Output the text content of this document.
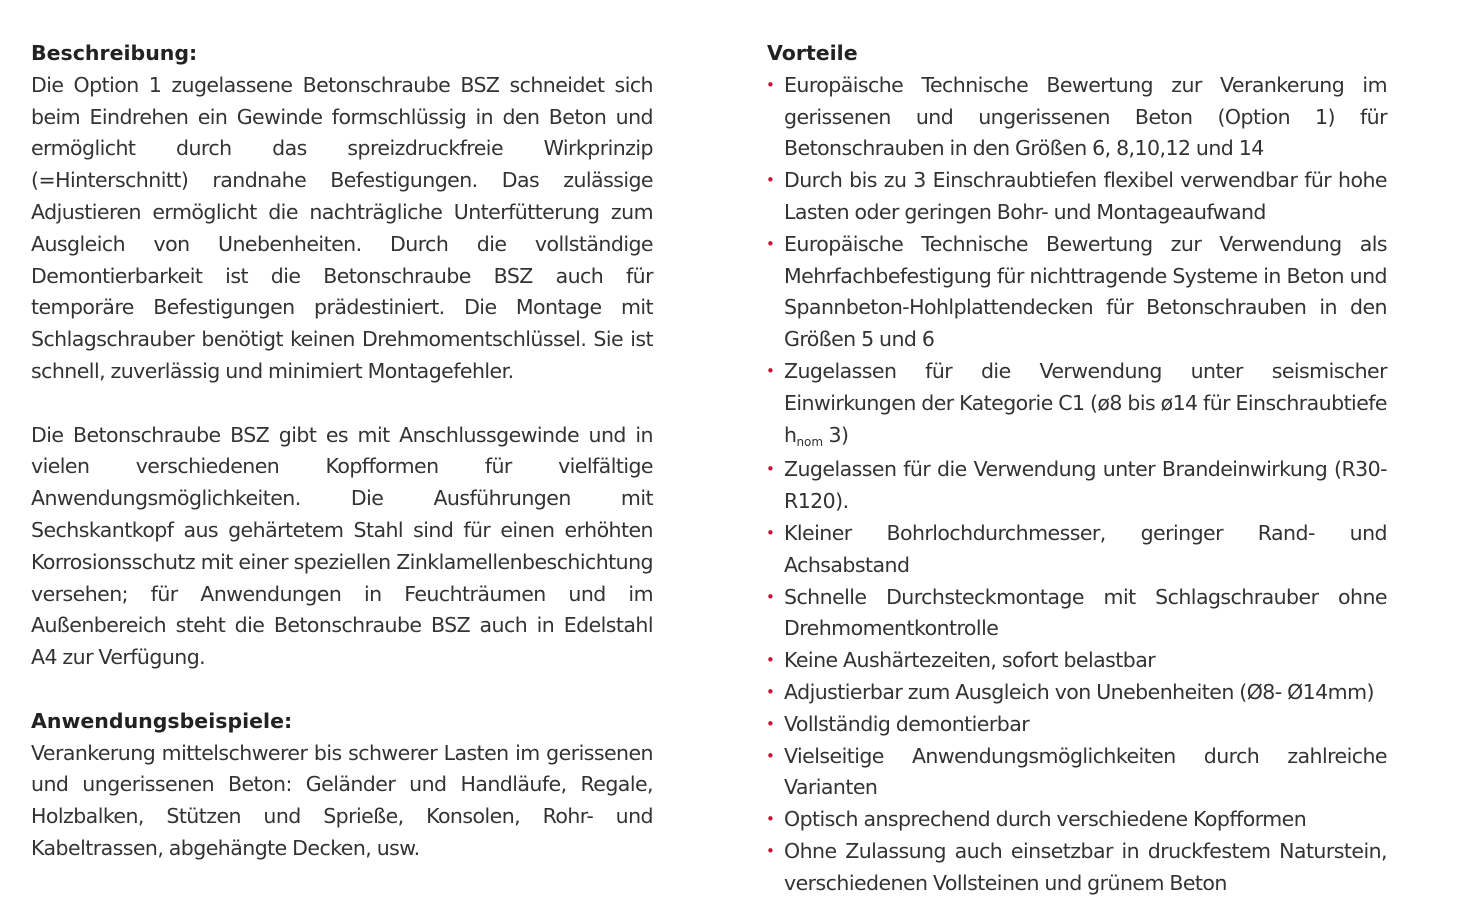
Beschreibung:

Die Option 1 zugelassene Betonschraube BSZ schneidet sich beim Eindrehen ein Gewinde formschlüssig in den Beton und ermöglicht durch das spreizdruckfreie Wirkprinzip (=Hinterschnitt) randnahe Befestigungen. Das zulässige Adjustieren ermöglicht die nachträgliche Unterfütterung zum Ausgleich von Unebenheiten. Durch die vollständige Demontierbarkeit ist die Betonschraube BSZ auch für temporäre Befestigungen prädestiniert. Die Montage mit Schlagschrauber benötigt keinen Drehmomentschlüssel. Sie ist schnell, zuverlässig und minimiert Montagefehler.

Die Betonschraube BSZ gibt es mit Anschlussgewinde und in vielen verschiedenen Kopfformen für vielfältige Anwendungsmöglichkeiten. Die Ausführungen mit Sechskantkopf aus gehärtetem Stahl sind für einen erhöhten Korrosionsschutz mit einer speziellen Zinklamellenbeschichtung versehen; für Anwendungen in Feuchträumen und im Außenbereich steht die Betonschraube BSZ auch in Edelstahl A4 zur Verfügung.

Anwendungsbeispiele:

Verankerung mittelschwerer bis schwerer Lasten im gerissenen und ungerissenen Beton: Geländer und Handläufe, Regale, Holzbalken, Stützen und Sprieße, Konsolen, Rohr- und Kabeltrassen, abgehängte Decken, usw.

Vorteile

• Europäische Technische Bewertung zur Verankerung im gerissenen und ungerissenen Beton (Option 1) für Betonschrauben in den Größen 6, 8,10,12 und 14
• Durch bis zu 3 Einschraubtiefen flexibel verwendbar für hohe Lasten oder geringen Bohr- und Montageaufwand
• Europäische Technische Bewertung zur Verwendung als Mehrfachbefestigung für nichttragende Systeme in Beton und Spannbeton-Hohlplattendecken für Betonschrauben in den Größen 5 und 6
• Zugelassen für die Verwendung unter seismischer Einwirkungen der Kategorie C1 (ø8 bis ø14 für Einschraubtiefe hnom 3)
• Zugelassen für die Verwendung unter Brandeinwirkung (R30-R120).
• Kleiner Bohrlochdurchmesser, geringer Rand- und Achsabstand
• Schnelle Durchsteckmontage mit Schlagschrauber ohne Drehmomentkontrolle
• Keine Aushärtezeiten, sofort belastbar
• Adjustierbar zum Ausgleich von Unebenheiten (Ø8- Ø14mm)
• Vollständig demontierbar
• Vielseitige Anwendungsmöglichkeiten durch zahlreiche Varianten
• Optisch ansprechend durch verschiedene Kopfformen
• Ohne Zulassung auch einsetzbar in druckfestem Naturstein, verschiedenen Vollsteinen und grünem Beton
